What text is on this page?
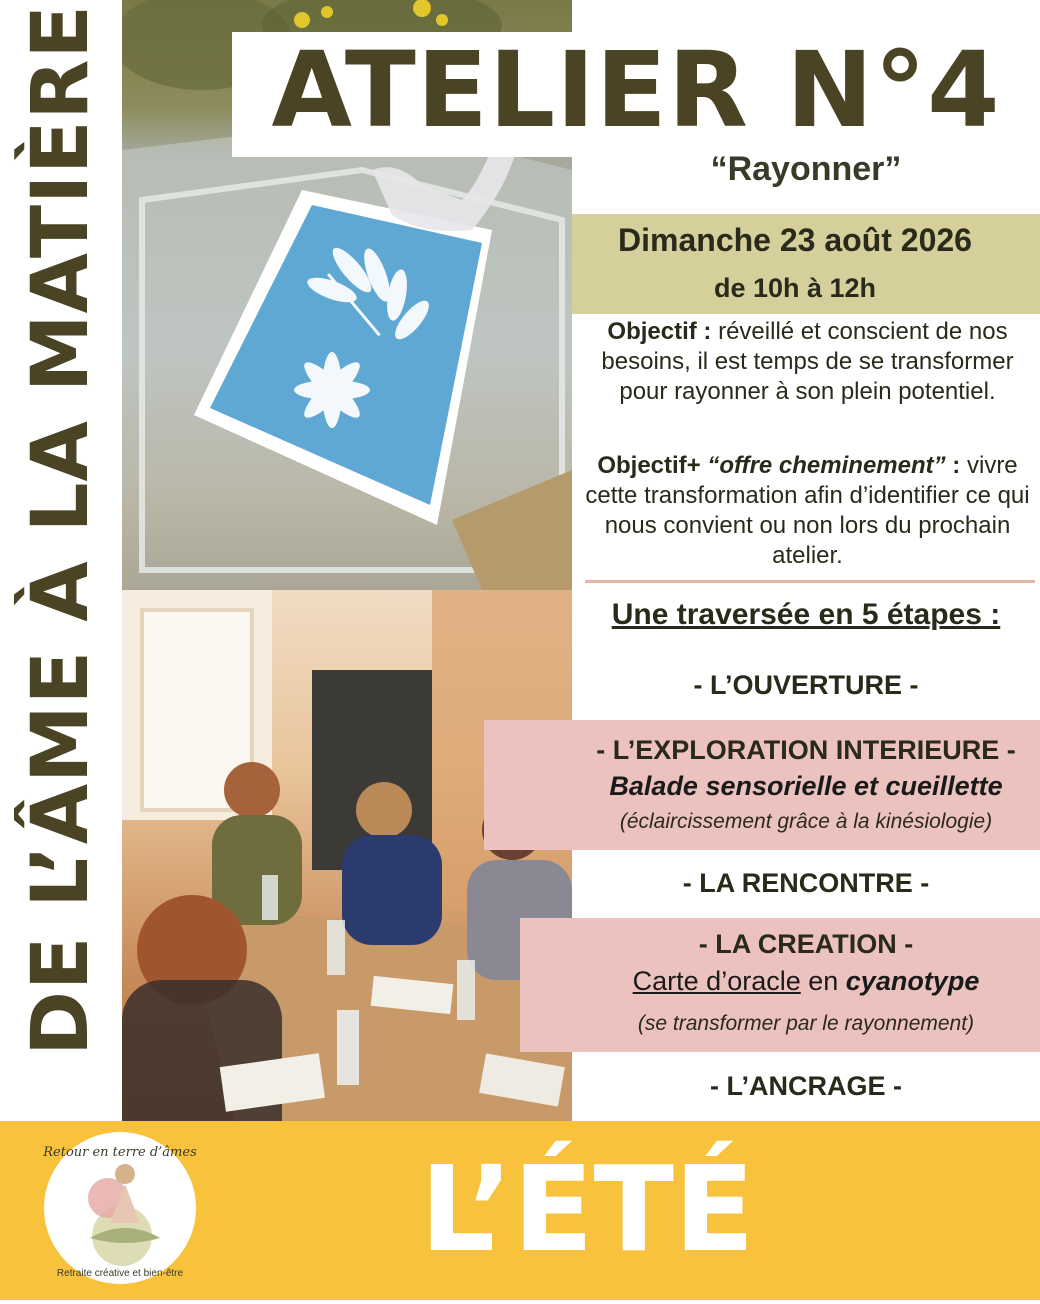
DE L’ÂME À LA MATIÈRE	ATELIER N°4
“Rayonner”
Dimanche 23 août 2026
de 10h à 12h
Objectif : réveillé et conscient de nos besoins, il est temps de se transformer pour rayonner à son plein potentiel.
Objectif+ “offre cheminement” : vivre cette transformation afin d’identifier ce qui nous convient ou non lors du prochain atelier.
Une traversée en 5 étapes :
- L’OUVERTURE -
- L’EXPLORATION INTERIEURE -
Balade sensorielle et cueillette
(éclaircissement grâce à la kinésiologie)
- LA RENCONTRE -
- LA CREATION -
Carte d’oracle en cyanotype
(se transformer par le rayonnement)
- L’ANCRAGE -
L’ÉTÉ
Retour en terre d’âmes
Retraite créative et bien-être
